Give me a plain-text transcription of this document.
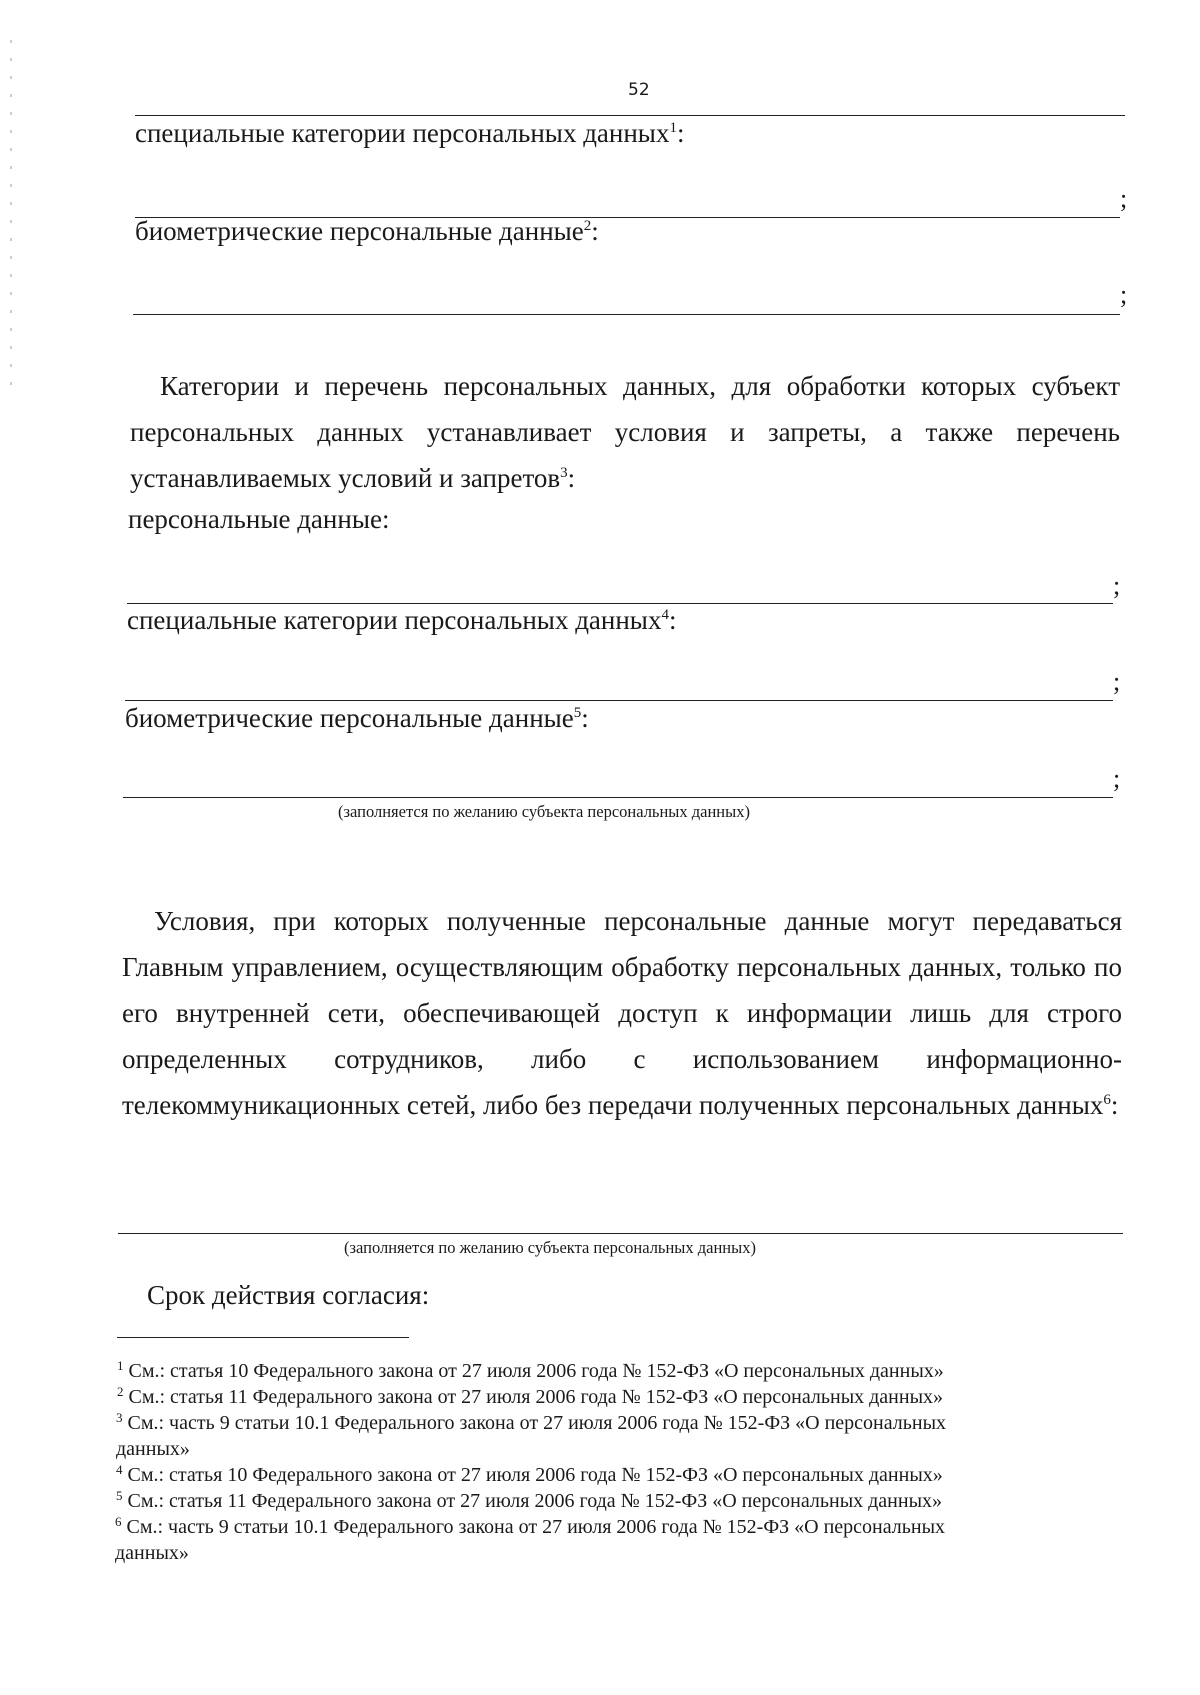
52
специальные категории персональных данных$^1$:
;
биометрические персональные данные$^2$:
;
Категории и перечень персональных данных, для обработки которых субъект персональных данных устанавливает условия и запреты, а также перечень устанавливаемых условий и запретов$^3$:
персональные данные:
;
специальные категории персональных данных$^4$:
;
биометрические персональные данные$^5$:
;
(заполняется по желанию субъекта персональных данных)
Условия, при которых полученные персональные данные могут передаваться Главным управлением, осуществляющим обработку персональных данных, только по его внутренней сети, обеспечивающей доступ к информации лишь для строго определенных сотрудников, либо с использованием информационно-телекоммуникационных сетей, либо без передачи полученных персональных данных$^6$:
(заполняется по желанию субъекта персональных данных)
Срок действия согласия:
$^1$ См.: статья 10 Федерального закона от 27 июля 2006 года № 152-ФЗ «О персональных данных»
$^2$ См.: статья 11 Федерального закона от 27 июля 2006 года № 152-ФЗ «О персональных данных»
$^3$ См.: часть 9 статьи 10.1 Федерального закона от 27 июля 2006 года № 152-ФЗ «О персональных
данных»
$^4$ См.: статья 10 Федерального закона от 27 июля 2006 года № 152-ФЗ «О персональных данных»
$^5$ См.: статья 11 Федерального закона от 27 июля 2006 года № 152-ФЗ «О персональных данных»
$^6$ См.: часть 9 статьи 10.1 Федерального закона от 27 июля 2006 года № 152-ФЗ «О персональных
данных»
